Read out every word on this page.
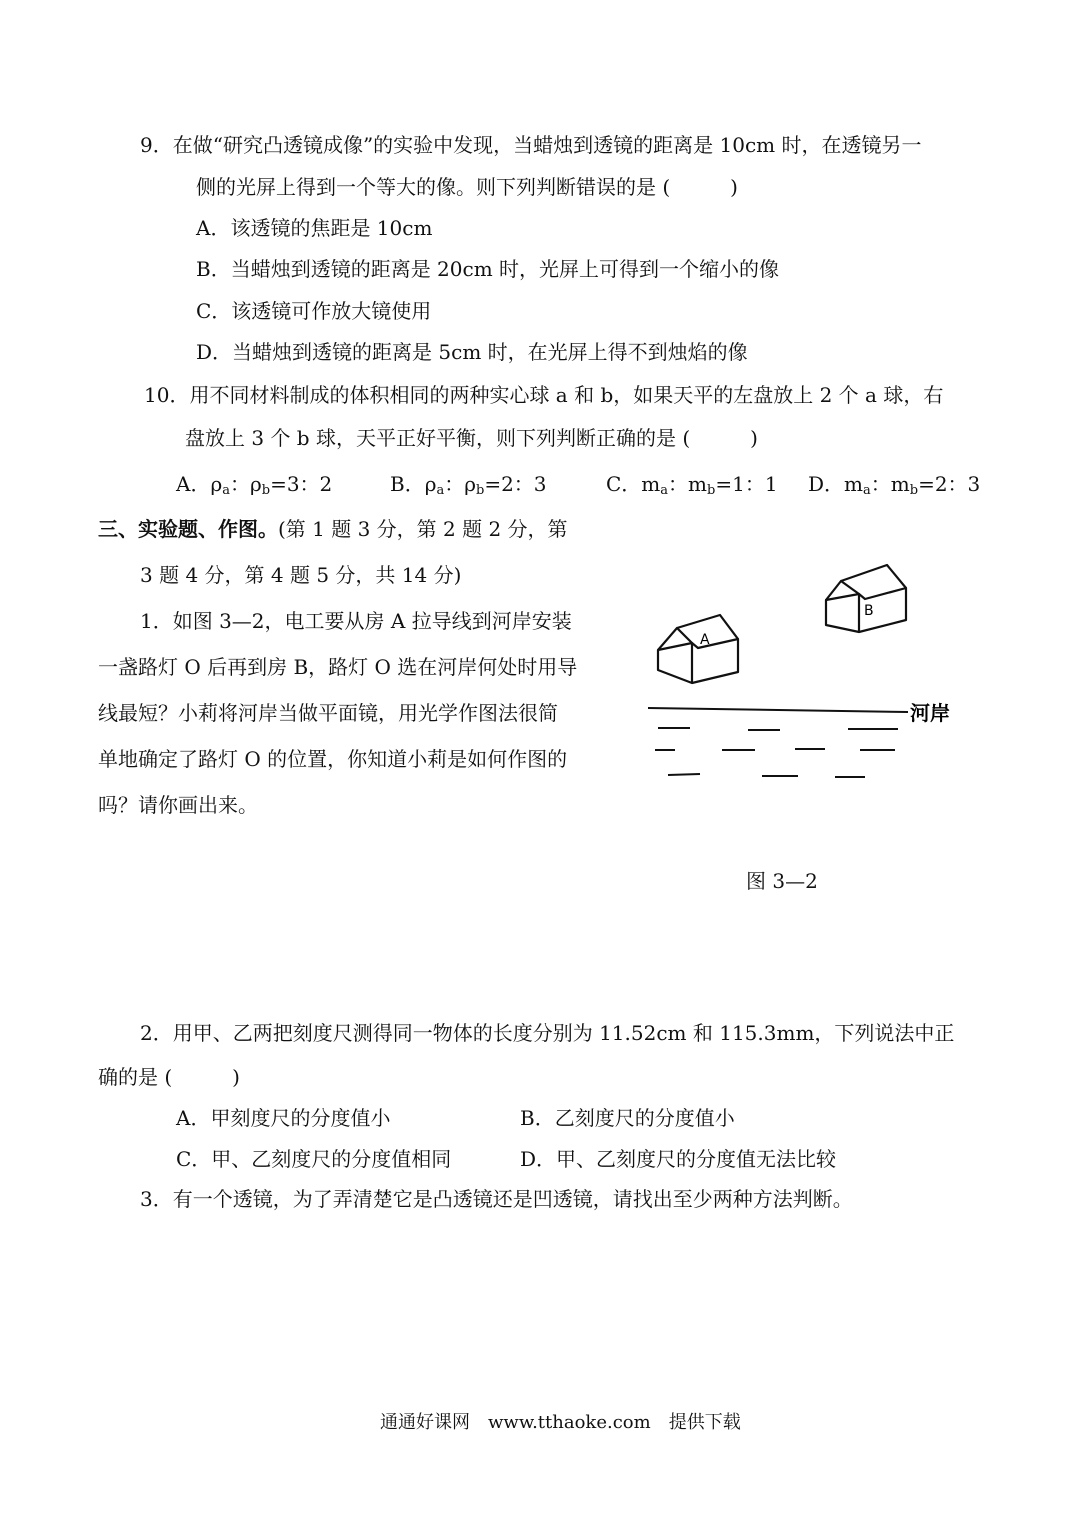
9．在做“研究凸透镜成像”的实验中发现，当蜡烛到透镜的距离是 10cm 时，在透镜另一
侧的光屏上得到一个等大的像。则下列判断错误的是 (　　　)
A．该透镜的焦距是 10cm
B．当蜡烛到透镜的距离是 20cm 时，光屏上可得到一个缩小的像
C．该透镜可作放大镜使用
D．当蜡烛到透镜的距离是 5cm 时，在光屏上得不到烛焰的像
10．用不同材料制成的体积相同的两种实心球 a 和 b，如果天平的左盘放上 2 个 a 球，右
盘放上 3 个 b 球，天平正好平衡，则下列判断正确的是 (　　　)
A．$\rho_a$：$\rho_b=3$：2	B．$\rho_a$：$\rho_b=2$：3	C．$m_a$：$m_b=1$：1 D．$m_a$：$m_b=2$：3
三、实验题、作图。(第 1 题 3 分，第 2 题 2 分，第
3 题 4 分，第 4 题 5 分，共 14 分)
1．如图 3—2，电工要从房 A 拉导线到河岸安装
一盏路灯 O 后再到房 B，路灯 O 选在河岸何处时用导
线最短？小莉将河岸当做平面镜，用光学作图法很简
单地确定了路灯 O 的位置，你知道小莉是如何作图的
吗？请你画出来。
A
B
河岸
图 3—2
2．用甲、乙两把刻度尺测得同一物体的长度分别为 11.52cm 和 115.3mm，下列说法中正
确的是 (　　　)
A．甲刻度尺的分度值小	B．乙刻度尺的分度值小
C．甲、乙刻度尺的分度值相同	D．甲、乙刻度尺的分度值无法比较
3．有一个透镜，为了弄清楚它是凸透镜还是凹透镜，请找出至少两种方法判断。
通通好课网　www.tthaoke.com　提供下载
